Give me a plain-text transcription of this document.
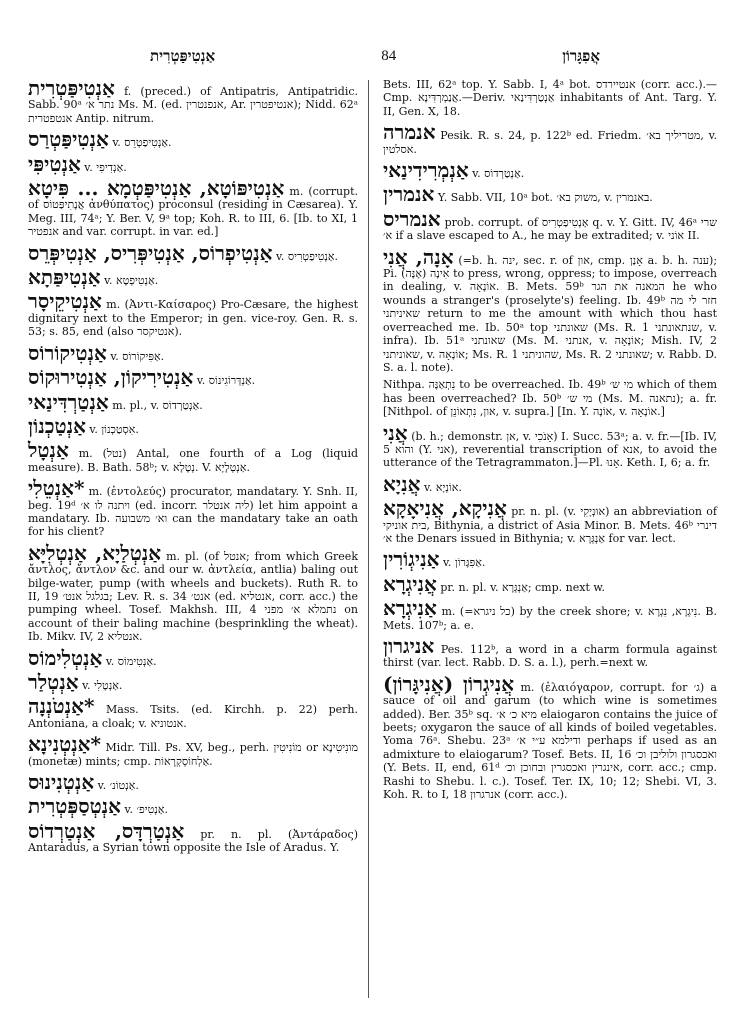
אַנְטִיפַּטְרִית	84	אֲפִגָּרוֹן

אַנְטִיפַּטְרִית f. (preced.) of Antipatris, Antipatridic. Sabb. 90ᵃ נתר א׳ Ms. M. (ed. אנפנטרין, Ar. אנטיפטרין); Nidd. 62ᵃ אנטפטרית Antip. nitrum.

אַנְטִיפַּטְרַס v. אַנְטִיפַטְרֵס.

אַנְטִיפִּי v. אַנְדִיפִי.

אַנְטִיפּוֹטָא, אַנְטִיפַּטְמָא ... פִּיטָא m. (corrupt. of אֲנָתִיפַּטוֹס ἀνθύπατος) proconsul (residing in Cæsarea). Y. Meg. III, 74ᵃ; Y. Ber. V, 9ᵃ top; Koh. R. to III, 6. [Ib. to XI, 1 אנפטיר and var. corrupt. in var. ed.]

אַנְטִיפְרוֹס, אַנְטִיפְּרִיס, אַנְטִיפְּרֵס v. אַנְטִיפַטְרִיס.

אַנְטִיפַּתָא v. אַנְטִיפְטָא.

אַנְטִיקֵיסָר m. (Ἀντι-Καίσαρος) Pro-Cæsare, the highest dignitary next to the Emperor; in gen. vice-roy. Gen. R. s. 53; s. 85, end (also אנטיקסר).

אַנְטִיקוֹרוֹס v. אַפִּיקוֹרוֹס.

אַנְטִירִיקוֹן, אַנְטִירוּקוֹס v. אַנְדְּרוֹגִינוֹס.

אַנְטַרְדִּינַאי m. pl., v. אַנְטַרְדוֹס.

אַנְטַכְנוֹן v. אִסְטַכְנוֹן.

אַנְטָל m. (נטל) Antal, one fourth of a Log (liquid measure). B. Bath. 58ᵇ; v. נְטָלָא. V. אַנְטְלָיָא.

*אַנְטֵלִי m. (ἐντολεύς) procurator, mandatary. Y. Snh. II, beg. 19ᵈ ויתנה לו א׳ (ed. incorr. ליה אנטלר) let him appoint a mandatary. Ib. וא׳ משבועה can the mandatary take an oath for his client?

אַנְטְלַיָא, אַנְטְלִיָּא m. pl. (of אנטל; from which Greek ἄντλος, ἄντλον &c. and our w. ἀντλεία, antlia) baling out bilge-water, pump (with wheels and buckets). Ruth R. to II, 19 בגלגל אנט׳; Lev. R. s. 34 אנט׳ (ed. אנטליא, corr. acc.) the pumping wheel. Tosef. Makhsh. III, 4 נתמלא א׳ מפני on account of their baling machine (besprinkling the wheat). Ib. Mikv. IV, 2 אנטליא.

אַנְטְלִימוֹס v. אַנְטִימוֹס.

אַנְטְלַר v. אַנְטָלִי.

*אַנְטֹנְנָה Mass. Tsits. (ed. Kirchh. p. 22) perh. Antoniana, a cloak; v. אנטוניא.

*אַנְטְנִינָא Midr. Till. Ps. XV, beg., perh. מוֹנִיטִין or מונִיטִינָא (monetæ) mints; cmp. אַלְחוֹסְקְרָאוֹת.

אַנְטְנִינוּס v. אַנְטוֹנ׳.

אַנְטְסַפְּטְרִית v. אַנְטִיפ׳.

אַנְטַרְדָּס, אַנְטַרְדוֹס pr. n. pl. (Ἀντάραδος) Antaradus, a Syrian town opposite the Isle of Aradus. Y.

Bets. III, 62ᵃ top. Y. Sabb. I, 4ᵃ bot. אנטיירדס (corr. acc.).—Cmp. אֲנַמְרְדִּינָא.—Deriv. אַנְטַרְדִּינַאי inhabitants of Ant. Targ. Y. II, Gen. X, 18.

אנמרה Pesik. R. s. 24, p. 122ᵇ ed. Friedm. מטריליך בא׳, v. אסלטין.

אַנְמְרִידִינַאי v. אַנְטַרְדוֹס.

אנמרין Y. Sabb. VII, 10ᵃ bot. משוק בא׳, v. באנמרין.

אנמריס prob. corrupt. of אַנְטִיפַטְרִיס q. v. Y. Gitt. IV, 46ᵃ שרי א׳ if a slave escaped to A., he may be extradited; v. אוֹני II.

אָנָה, אֲנִי (=b. h. ינה, sec. r. of און, cmp. אָנַן a. b. h. ענה); Pi. אִינָה (אָנָּה) to press, wrong, oppress; to impose, overreach in dealing, v. אוֹנָאָה. B. Mets. 59ᵇ המאנה את הגר he who wounds a stranger's (proselyte's) feeling. Ib. 49ᵇ חזר לי מה שאיניתני return to me the amount with which thou hast overreached me. Ib. 50ᵃ top שאונתני (Ms. R. 1 שנתאונתני, v. infra). Ib. 51ᵃ שאונתני (Ms. M. אנתני, v. אוֹנָאָה; Mish. IV, 2 שאוניתני, v. אוֹנָאָה; Ms. R. 1 שהוניתני, Ms. R. 2 שאונתני; v. Rabb. D. S. a. l. note).

Nithpa. נִתְאַנָּה to be overreached. Ib. 49ᵇ מי ש׳ which of them has been overreached? Ib. 50ᵇ מי ש׳ (Ms. M. נתאנה); a. fr. [Nithpol. of און, נִתְאוֹנֵן, v. supra.] [In. Y. אוֹנָה, v. אוֹנָאָה.]

אֲנִי (b. h.; demonstr. אן, v. אָנֹכִי) I. Succ. 53ᵃ; a. v. fr.—[Ib. IV, 5 והוא (Y. אני), reverential transcription of אנא, to avoid the utterance of the Tetragrammaton.]—Pl. אָנוּ. Keth. I, 6; a. fr.

אֲנִיָא v. אוֹנְיָא.

אֲנִיקָא, אֲנִיאָקָא pr. n. pl. (v. אוּנְיָקִי) an abbreviation of בית אוניקי, Bithynia, a district of Asia Minor. B. Mets. 46ᵇ דינרי א׳ the Denars issued in Bithynia; v. אַנְגְּרָא for var. lect.

אַנִיגְוֹרִין v. אַפִּגָּרוֹן.

אֲנִיגְרָא pr. n. pl. v. אַנְגְּרָא; cmp. next w.

אַנִיגְרָא m. (=כל ניגרא) by the creek shore; v. נִיגְרָא, נִגְרָא. B. Mets. 107ᵇ; a. e.

אניגרון Pes. 112ᵇ, a word in a charm formula against thirst (var. lect. Rabb. D. S. a. l.), perh.=next w.

אֲנִיגְרוֹן (אֲנִיגָּרוֹן) m. (ἐλαιόγαρον, corrupt. for ג׳) a sauce of oil and garum (to which wine is sometimes added). Ber. 35ᵇ sq. מיא כ׳ א׳ elaiogaron contains the juice of beets; oxygaron the sauce of all kinds of boiled vegetables. Yoma 76ᵃ. Shebu. 23ᵃ ודילמא ע״י א׳ perhaps if used as an admixture to elaiogarum? Tosef. Bets. II, 16 ואכסגרון ולוליבן וכ׳ (Y. Bets. II, end, 61ᵈ אינגרין ואכסגרין ובחוכן וכ׳, corr. acc.; cmp. Rashi to Shebu. l. c.). Tosef. Ter. IX, 10; 12; Shebi. VI, 3. Koh. R. to I, 18 אנרגרון (corr. acc.).
